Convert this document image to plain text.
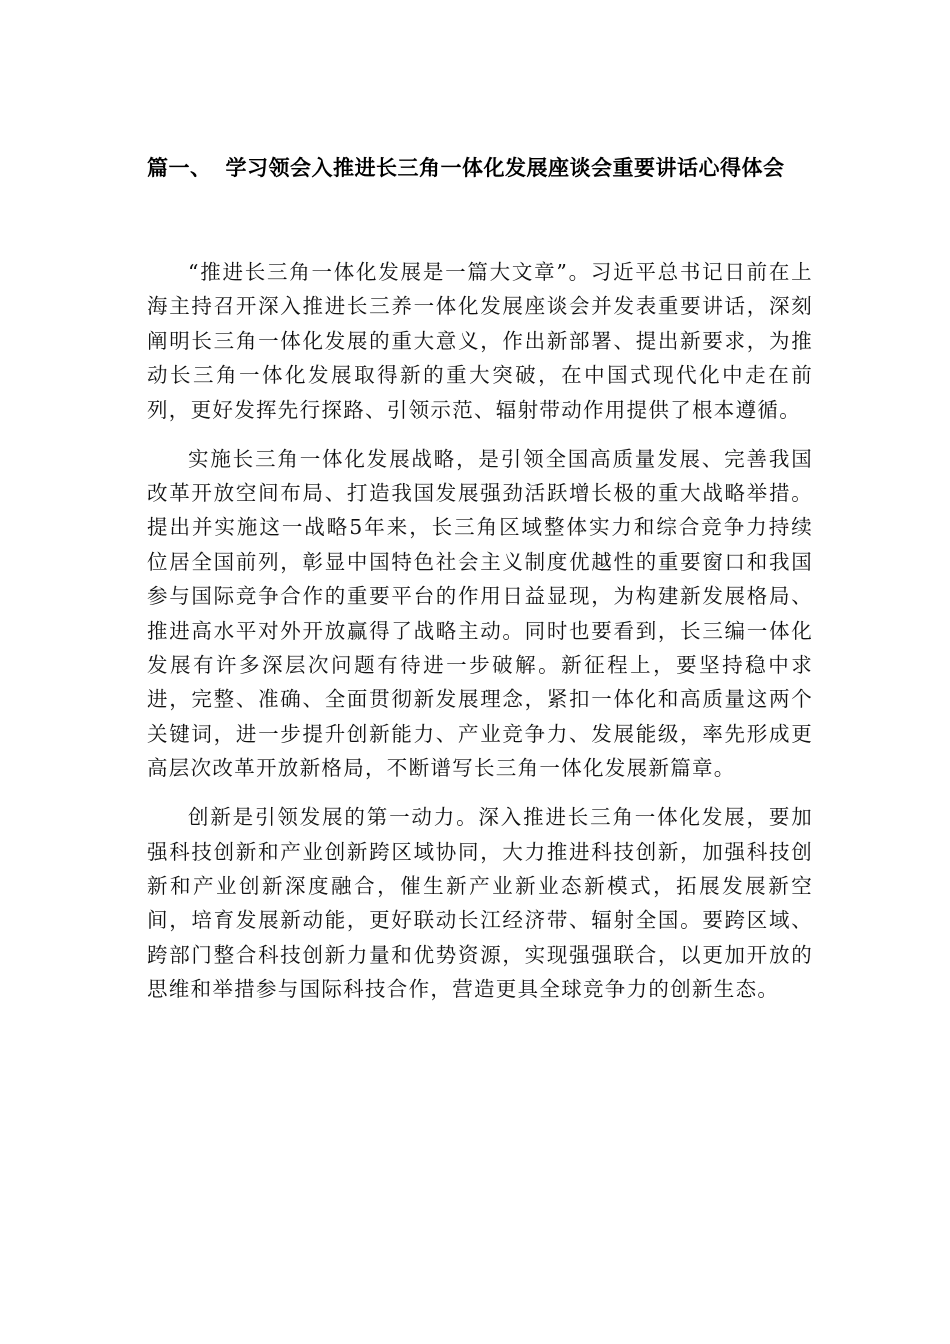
篇一、 学习领会入推进长三角一体化发展座谈会重要讲话心得体会

“推进长三角一体化发展是一篇大文章”。习近平总书记日前在上海主持召开深入推进长三养一体化发展座谈会并发表重要讲话，深刻阐明长三角一体化发展的重大意义，作出新部署、提出新要求，为推动长三角一体化发展取得新的重大突破，在中国式现代化中走在前列，更好发挥先行探路、引领示范、辐射带动作用提供了根本遵循。

实施长三角一体化发展战略，是引领全国高质量发展、完善我国改革开放空间布局、打造我国发展强劲活跃增长极的重大战略举措。提出并实施这一战略5年来，长三角区域整体实力和综合竞争力持续位居全国前列，彰显中国特色社会主义制度优越性的重要窗口和我国参与国际竞争合作的重要平台的作用日益显现，为构建新发展格局、推进高水平对外开放赢得了战略主动。同时也要看到，长三编一体化发展有许多深层次问题有待进一步破解。新征程上，要坚持稳中求进，完整、准确、全面贯彻新发展理念，紧扣一体化和高质量这两个关键词，进一步提升创新能力、产业竞争力、发展能级，率先形成更高层次改革开放新格局，不断谱写长三角一体化发展新篇章。

创新是引领发展的第一动力。深入推进长三角一体化发展，要加强科技创新和产业创新跨区域协同，大力推进科技创新，加强科技创新和产业创新深度融合，催生新产业新业态新模式，拓展发展新空间，培育发展新动能，更好联动长江经济带、辐射全国。要跨区域、跨部门整合科技创新力量和优势资源，实现强强联合，以更加开放的思维和举措参与国际科技合作，营造更具全球竞争力的创新生态。
